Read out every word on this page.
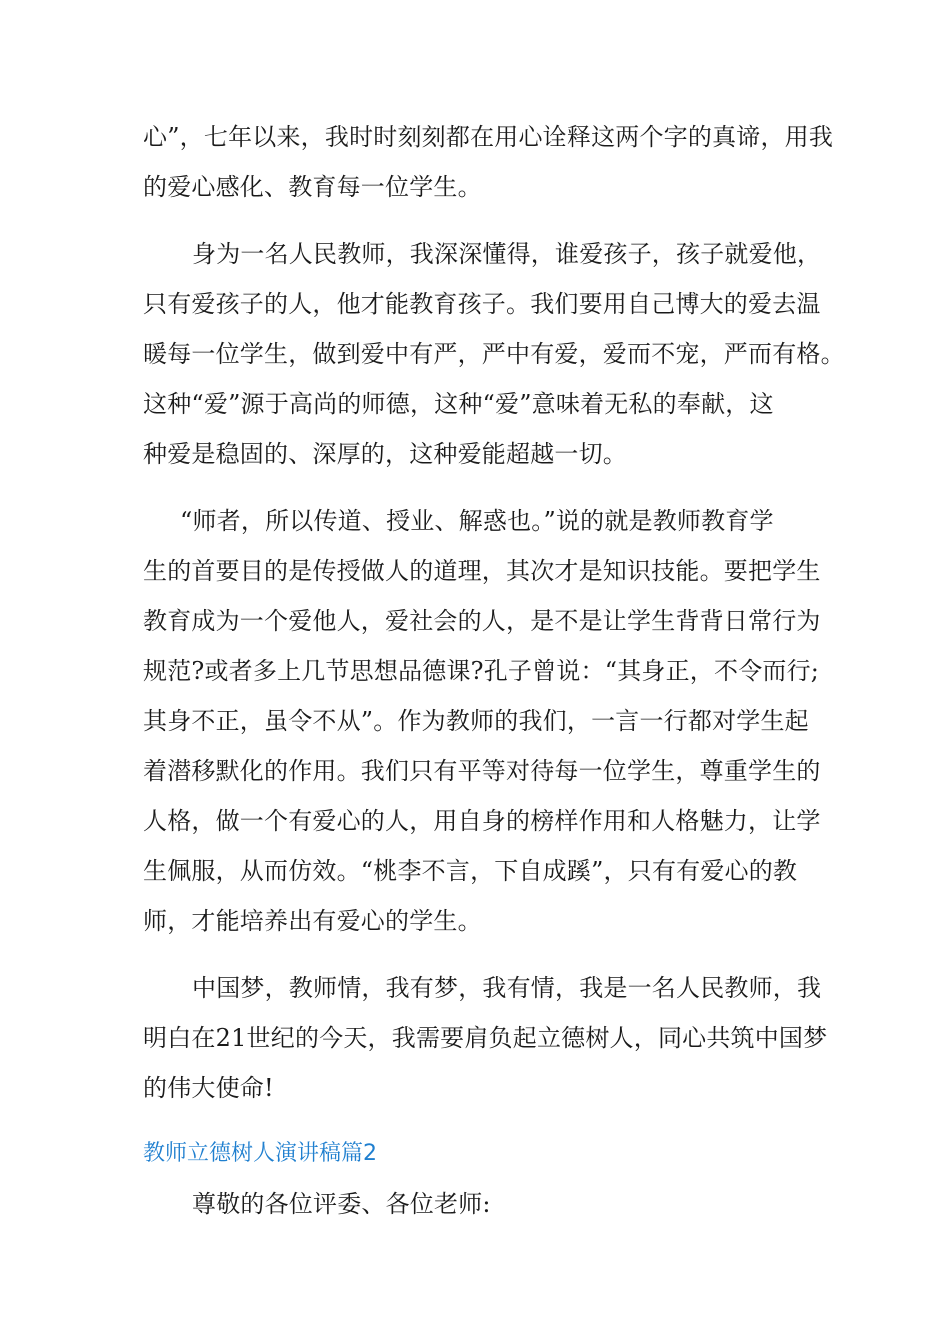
心”，七年以来，我时时刻刻都在用心诠释这两个字的真谛，用我
的爱心感化、教育每一位学生。
身为一名人民教师，我深深懂得，谁爱孩子，孩子就爱他，
只有爱孩子的人，他才能教育孩子。我们要用自己博大的爱去温
暖每一位学生，做到爱中有严，严中有爱，爱而不宠，严而有格。
这种“爱”源于高尚的师德，这种“爱”意味着无私的奉献，这
种爱是稳固的、深厚的，这种爱能超越一切。
“师者，所以传道、授业、解惑也。”说的就是教师教育学
生的首要目的是传授做人的道理，其次才是知识技能。要把学生
教育成为一个爱他人，爱社会的人，是不是让学生背背日常行为
规范?或者多上几节思想品德课?孔子曾说：“其身正，不令而行;
其身不正，虽令不从”。作为教师的我们，一言一行都对学生起
着潜移默化的作用。我们只有平等对待每一位学生，尊重学生的
人格，做一个有爱心的人，用自身的榜样作用和人格魅力，让学
生佩服，从而仿效。“桃李不言，下自成蹊”，只有有爱心的教
师，才能培养出有爱心的学生。
中国梦，教师情，我有梦，我有情，我是一名人民教师，我
明白在21世纪的今天，我需要肩负起立德树人，同心共筑中国梦
的伟大使命!
教师立德树人演讲稿篇2
尊敬的各位评委、各位老师:
